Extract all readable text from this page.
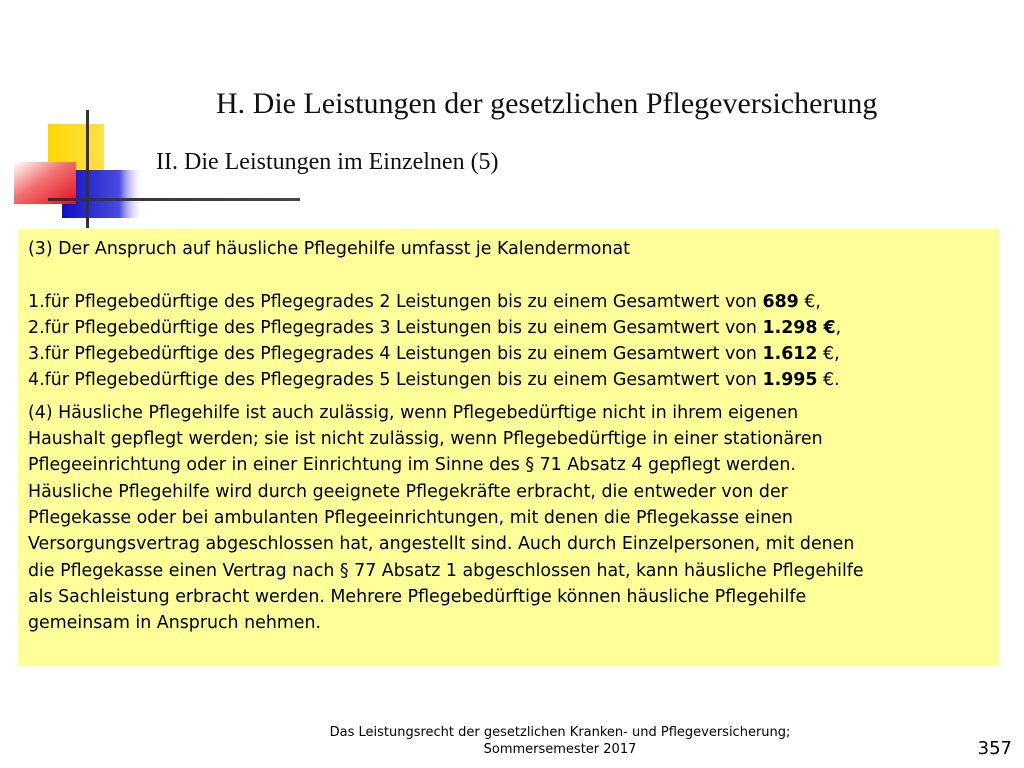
H. Die Leistungen der gesetzlichen Pflegeversicherung
II. Die Leistungen im Einzelnen (5)

(3) Der Anspruch auf häusliche Pflegehilfe umfasst je Kalendermonat

1.für Pflegebedürftige des Pflegegrades 2 Leistungen bis zu einem Gesamtwert von 689 €,

2.für Pflegebedürftige des Pflegegrades 3 Leistungen bis zu einem Gesamtwert von 1.298 €,

3.für Pflegebedürftige des Pflegegrades 4 Leistungen bis zu einem Gesamtwert von 1.612 €,

4.für Pflegebedürftige des Pflegegrades 5 Leistungen bis zu einem Gesamtwert von 1.995 €.

(4) Häusliche Pflegehilfe ist auch zulässig, wenn Pflegebedürftige nicht in ihrem eigenen

Haushalt gepflegt werden; sie ist nicht zulässig, wenn Pflegebedürftige in einer stationären

Pflegeeinrichtung oder in einer Einrichtung im Sinne des § 71 Absatz 4 gepflegt werden.

Häusliche Pflegehilfe wird durch geeignete Pflegekräfte erbracht, die entweder von der

Pflegekasse oder bei ambulanten Pflegeeinrichtungen, mit denen die Pflegekasse einen

Versorgungsvertrag abgeschlossen hat, angestellt sind. Auch durch Einzelpersonen, mit denen

die Pflegekasse einen Vertrag nach § 77 Absatz 1 abgeschlossen hat, kann häusliche Pflegehilfe

als Sachleistung erbracht werden. Mehrere Pflegebedürftige können häusliche Pflegehilfe

gemeinsam in Anspruch nehmen.

Das Leistungsrecht der gesetzlichen Kranken- und Pflegeversicherung;
Sommersemester 2017	357
